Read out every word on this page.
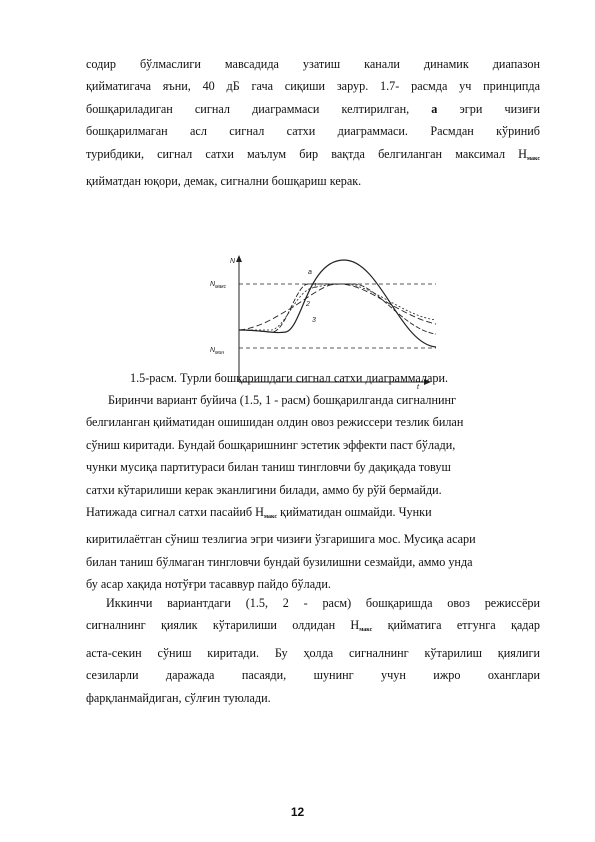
содир бўлмаслиги мавсадида узатиш канали динамик диапазон
қийматигача яъни, 40 дБ гача сиқиши зарур. 1.7- расмда уч принципда
бошқариладиган сигнал диаграммаси келтирилган, а эгри чизиғи
бошқарилмаган асл сигнал сатхи диаграммаси. Расмдан кўриниб
турибдики, сигнал сатхи маълум бир вақтда белгиланган максимал $Н_{макс}$
қийматдан юқори, демак, сигнални бошқариш керак.
N
t
$N_{макс}$
$N_{мин}$
a
1
2
3
1.5-расм. Турли бошқаришдаги сигнал сатхи диаграммалари.
Биринчи вариант буйича (1.5, 1 - расм) бошқарилганда сигналнинг
белгиланган қийматидан ошишидан олдин овоз режиссери тезлик билан
сўниш киритади. Бундай бошқаришнинг эстетик эффекти паст бўлади,
чунки мусиқа партитураси билан таниш тингловчи бу дақиқада товуш
сатхи кўтарилиши керак эканлигини билади, аммо бу рўй бермайди.
Натижада сигнал сатхи пасайиб $Н_{макс}$ қийматидан ошмайди. Чунки
киритилаётган сўниш тезлигиа эгри чизиғи ўзгаришига мос. Мусиқа асари
билан таниш бўлмаган тингловчи бундай бузилишни сезмайди, аммо унда
бу асар хақида нотўғри тасаввур пайдо бўлади.
Иккинчи вариантдаги (1.5, 2 - расм) бошқаришда овоз режиссёри
сигналнинг қиялик кўтарилиши олдидан $Н_{макс}$ қийматига етгунга қадар
аста-секин сўниш киритади. Бу ҳолда сигналнинг кўтарилиш қиялиги
сезиларли даражада пасаяди, шунинг учун ижро оханглари
фарқланмайдиган, сўлғин туюлади.
12
